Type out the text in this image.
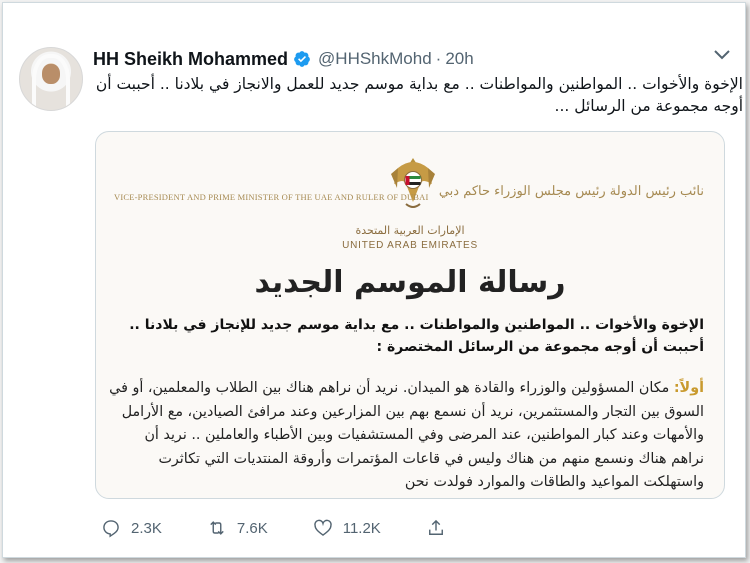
HH Sheikh Mohammed @HHShkMohd · 20h
الإخوة والأخوات .. المواطنين والمواطنات .. مع بداية موسم جديد للعمل والانجاز في بلادنا .. أحببت أن أوجه مجموعة من الرسائل ...
نائب رئيس الدولة رئيس مجلس الوزراء حاكم دبي
VICE-PRESIDENT AND PRIME MINISTER OF THE UAE AND RULER OF DUBAI
الإمارات العربية المتحدة
UNITED ARAB EMIRATES
رسالة الموسم الجديد
الإخوة والأخوات .. المواطنين والمواطنات .. مع بداية موسم جديد للإنجاز في بلادنا .. أحببت أن أوجه مجموعة من الرسائل المختصرة :
أولاً: مكان المسؤولين والوزراء والقادة هو الميدان. نريد أن نراهم هناك بين الطلاب والمعلمين، أو في السوق بين التجار والمستثمرين، نريد أن نسمع بهم بين المزارعين وعند مرافئ الصيادين، مع الأرامل والأمهات وعند كبار المواطنين، عند المرضى وفي المستشفيات وبين الأطباء والعاملين .. نريد أن نراهم هناك ونسمع منهم من هناك وليس في قاعات المؤتمرات وأروقة المنتديات التي تكاثرت واستهلكت المواعيد والطاقات والموارد فولدت نحن
2.3K	7.6K	11.2K
